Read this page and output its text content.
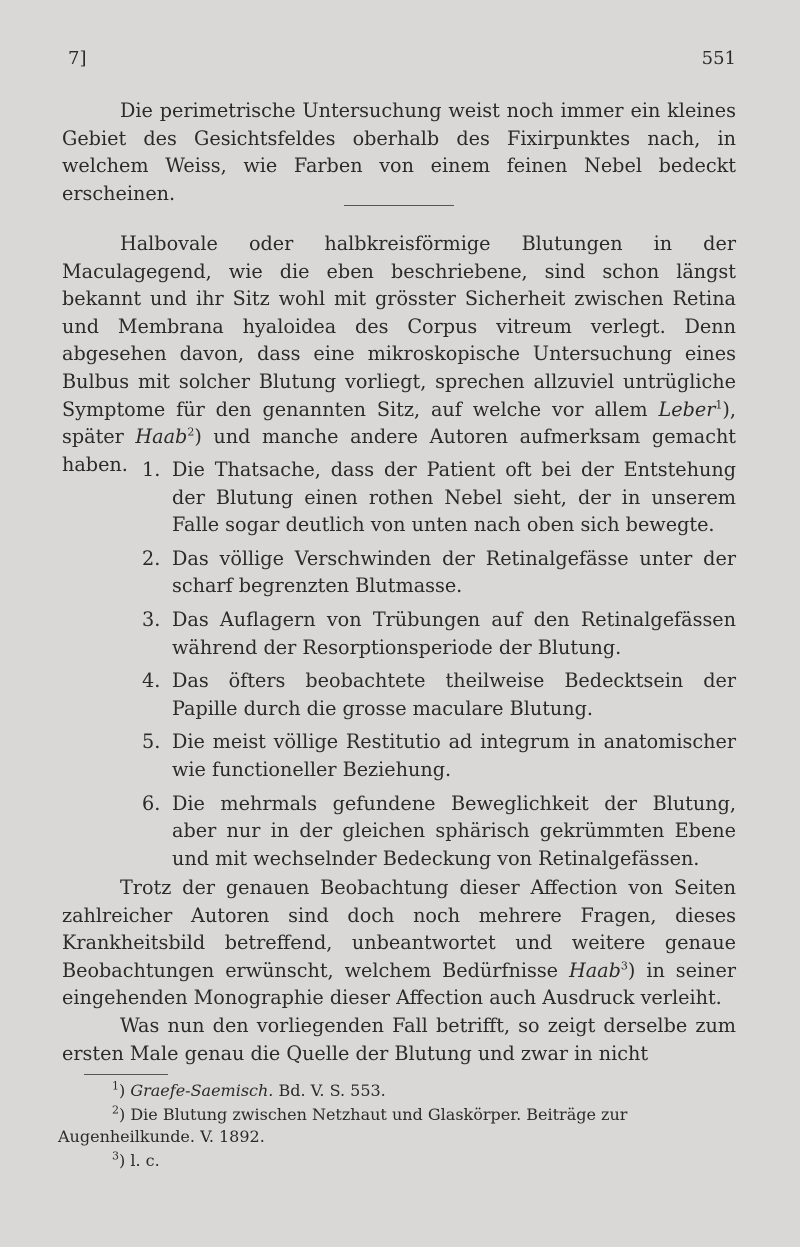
7]	551

Die perimetrische Untersuchung weist noch immer ein kleines Gebiet des Gesichtsfeldes oberhalb des Fixirpunktes nach, in welchem Weiss, wie Farben von einem feinen Nebel bedeckt erscheinen.

Halbovale oder halbkreisförmige Blutungen in der Maculagegend, wie die eben beschriebene, sind schon längst bekannt und ihr Sitz wohl mit grösster Sicherheit zwischen Retina und Membrana hyaloidea des Corpus vitreum verlegt. Denn abgesehen davon, dass eine mikroskopische Untersuchung eines Bulbus mit solcher Blutung vorliegt, sprechen allzuviel untrügliche Symptome für den genannten Sitz, auf welche vor allem Leber$^1$), später Haab$^2$) und manche andere Autoren aufmerksam gemacht haben. 1. Die Thatsache, dass der Patient oft bei der Entstehung der Blutung einen rothen Nebel sieht, der in unserem Falle sogar deutlich von unten nach oben sich bewegte.
2. Das völlige Verschwinden der Retinalgefässe unter der scharf begrenzten Blutmasse.
3. Das Auflagern von Trübungen auf den Retinalgefässen während der Resorptionsperiode der Blutung.
4. Das öfters beobachtete theilweise Bedecktsein der Papille durch die grosse maculare Blutung.
5. Die meist völlige Restitutio ad integrum in anatomischer wie functioneller Beziehung.
6. Die mehrmals gefundene Beweglichkeit der Blutung, aber nur in der gleichen sphärisch gekrümmten Ebene und mit wechselnder Bedeckung von Retinalgefässen.

Trotz der genauen Beobachtung dieser Affection von Seiten zahlreicher Autoren sind doch noch mehrere Fragen, dieses Krankheitsbild betreffend, unbeantwortet und weitere genaue Beobachtungen erwünscht, welchem Bedürfnisse Haab$^3$) in seiner eingehenden Monographie dieser Affection auch Ausdruck verleiht.

Was nun den vorliegenden Fall betrifft, so zeigt derselbe zum ersten Male genau die Quelle der Blutung und zwar in nicht

$^1$) Graefe-Saemisch. Bd. V. S. 553.

$^2$) Die Blutung zwischen Netzhaut und Glaskörper. Beiträge zur Augenheilkunde. V. 1892.

$^3$) l. c.
